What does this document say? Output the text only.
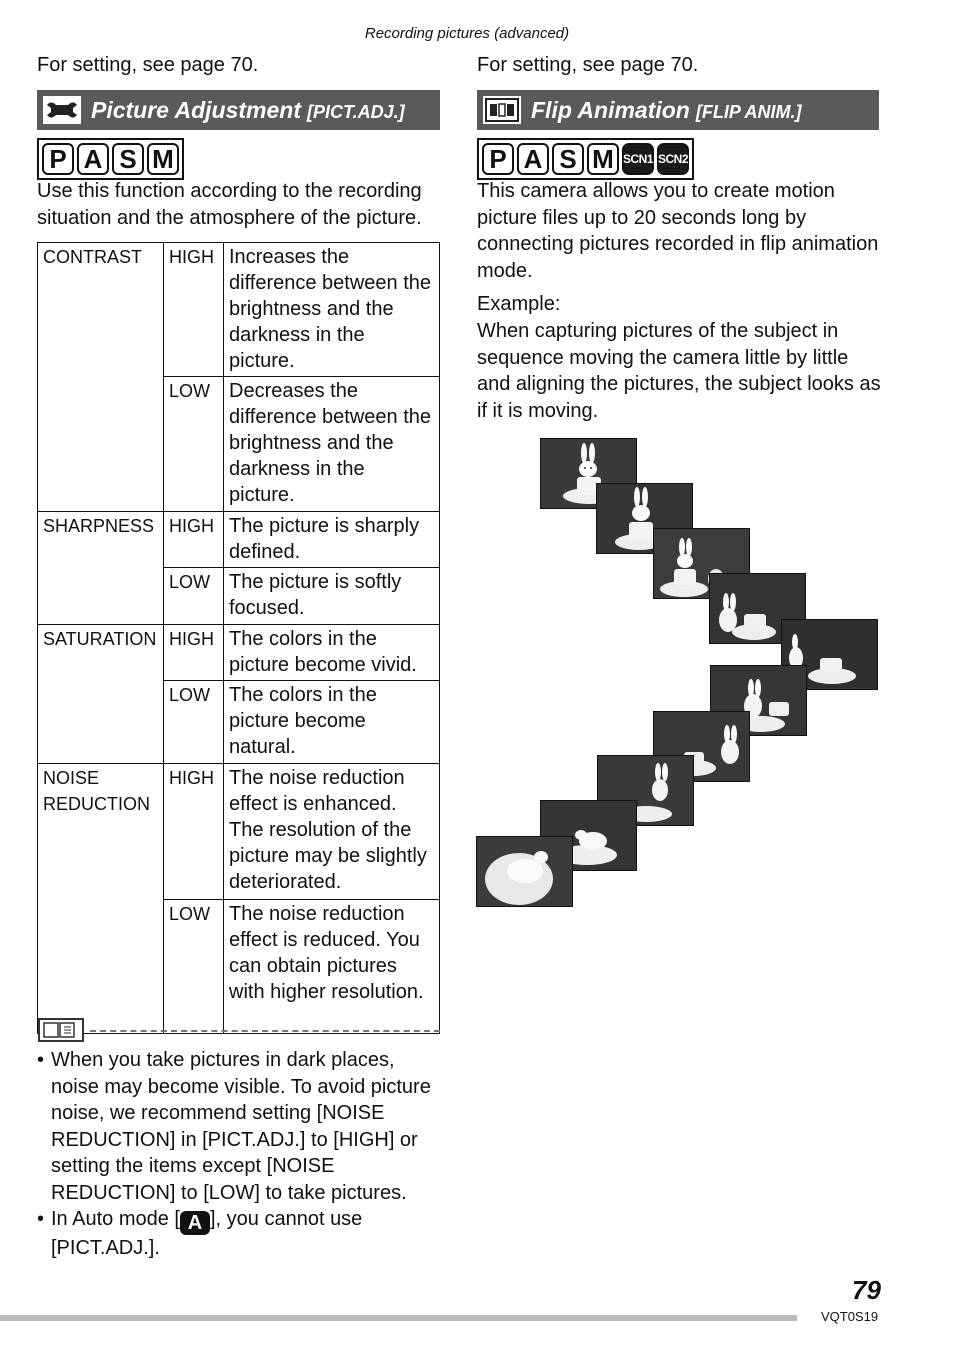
Recording pictures (advanced)
For setting, see page 70.
Picture Adjustment [PICT.ADJ.]
P A S M
Use this function according to the recording situation and the atmosphere of the picture.
CONTRAST	HIGH	Increases the difference between the brightness and the darkness in the picture.
	LOW	Decreases the difference between the brightness and the darkness in the picture.
SHARPNESS	HIGH	The picture is sharply defined.
	LOW	The picture is softly focused.
SATURATION	HIGH	The colors in the picture become vivid.
	LOW	The colors in the picture become natural.
NOISE REDUCTION	HIGH	The noise reduction effect is enhanced. The resolution of the picture may be slightly deteriorated.
	LOW	The noise reduction effect is reduced. You can obtain pictures with higher resolution.
• When you take pictures in dark places, noise may become visible. To avoid picture noise, we recommend setting [NOISE REDUCTION] in [PICT.ADJ.] to [HIGH] or setting the items except [NOISE REDUCTION] to [LOW] to take pictures.
• In Auto mode [ A ], you cannot use [PICT.ADJ.].
For setting, see page 70.
Flip Animation [FLIP ANIM.]
P A S M SCN1 SCN2
This camera allows you to create motion picture files up to 20 seconds long by connecting pictures recorded in flip animation mode.
Example:
When capturing pictures of the subject in sequence moving the camera little by little and aligning the pictures, the subject looks as if it is moving.
79
VQT0S19
